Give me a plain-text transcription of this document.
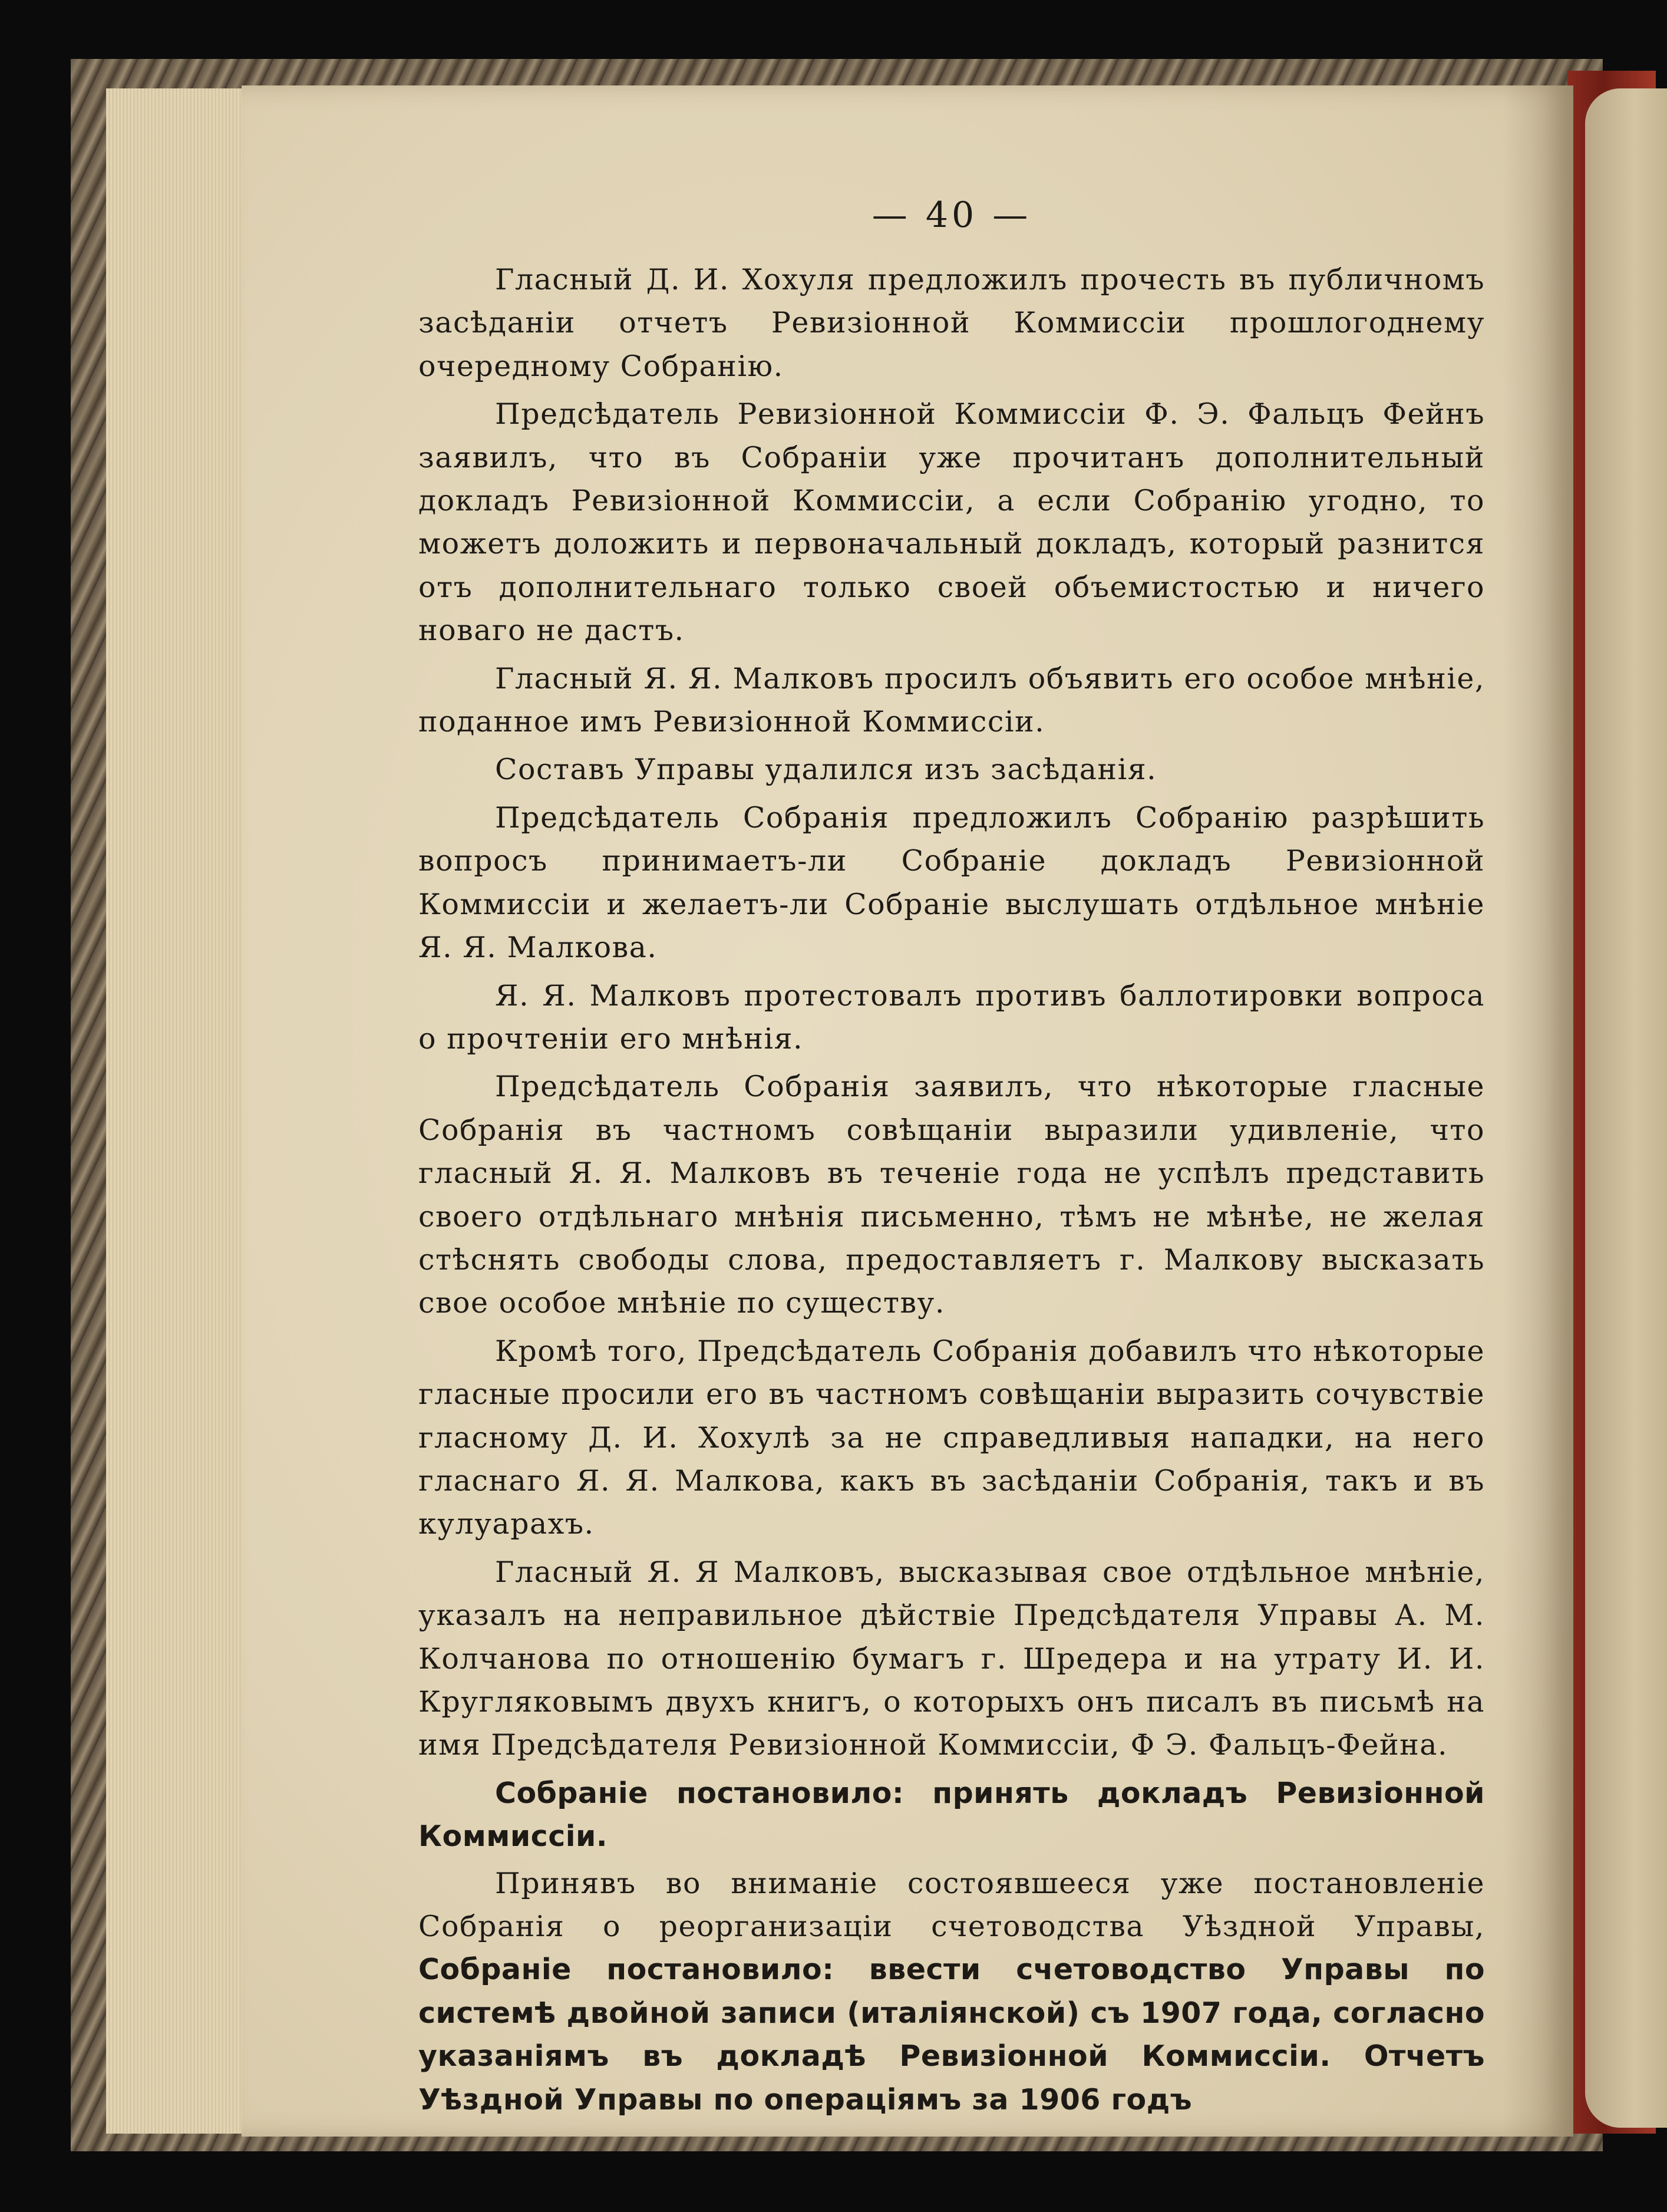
— 40 —

Гласный Д. И. Хохуля предложилъ прочесть въ публичномъ засѣданіи отчетъ Ревизіонной Коммиссіи прошлогоднему очередному Собранію.

Предсѣдатель Ревизіонной Коммиссіи Ф. Э. Фальцъ Фейнъ заявилъ, что въ Собраніи уже прочитанъ дополнительный докладъ Ревизіонной Коммиссіи, а если Собранію угодно, то можетъ доложить и первоначальный докладъ, который разнится отъ дополнительнаго только своей объемистостью и ничего новаго не дастъ.

Гласный Я. Я. Малковъ просилъ объявить его особое мнѣніе, поданное имъ Ревизіонной Коммиссіи.

Составъ Управы удалился изъ засѣданія.

Предсѣдатель Собранія предложилъ Собранію разрѣшить вопросъ принимаетъ-ли Собраніе докладъ Ревизіонной Коммиссіи и желаетъ-ли Собраніе выслушать отдѣльное мнѣніе Я. Я. Малкова.

Я. Я. Малковъ протестовалъ противъ баллотировки вопроса о прочтеніи его мнѣнія.

Предсѣдатель Собранія заявилъ, что нѣкоторые гласные Собранія въ частномъ совѣщаніи выразили удивленіе, что гласный Я. Я. Малковъ въ теченіе года не успѣлъ представить своего отдѣльнаго мнѣнія письменно, тѣмъ не мѣнѣе, не желая стѣснять свободы слова, предоставляетъ г. Малкову высказать свое особое мнѣніе по существу.

Кромѣ того, Предсѣдатель Собранія добавилъ что нѣкоторые гласные просили его въ частномъ совѣщаніи выразить сочувствіе гласному Д. И. Хохулѣ за не справедливыя нападки, на него гласнаго Я. Я. Малкова, какъ въ засѣданіи Собранія, такъ и въ кулуарахъ.

Гласный Я. Я Малковъ, высказывая свое отдѣльное мнѣніе, указалъ на неправильное дѣйствіе Предсѣдателя Управы А. М. Колчанова по отношенію бумагъ г. Шредера и на утрату И. И. Кругляковымъ двухъ книгъ, о которыхъ онъ писалъ въ письмѣ на имя Предсѣдателя Ревизіонной Коммиссіи, Ф Э. Фальцъ-Фейна.

Собраніе постановило: принять докладъ Ревизіонной Коммиссіи.

Принявъ во вниманіе состоявшееся уже постановленіе Собранія о реорганизаціи счетоводства Уѣздной Управы, Собраніе постановило: ввести счетоводство Управы по системѣ двойной записи (италіянской) съ 1907 года, согласно указаніямъ въ докладѣ Ревизіонной Коммиссіи. Отчетъ Уѣздной Управы по операціямъ за 1906 годъ
